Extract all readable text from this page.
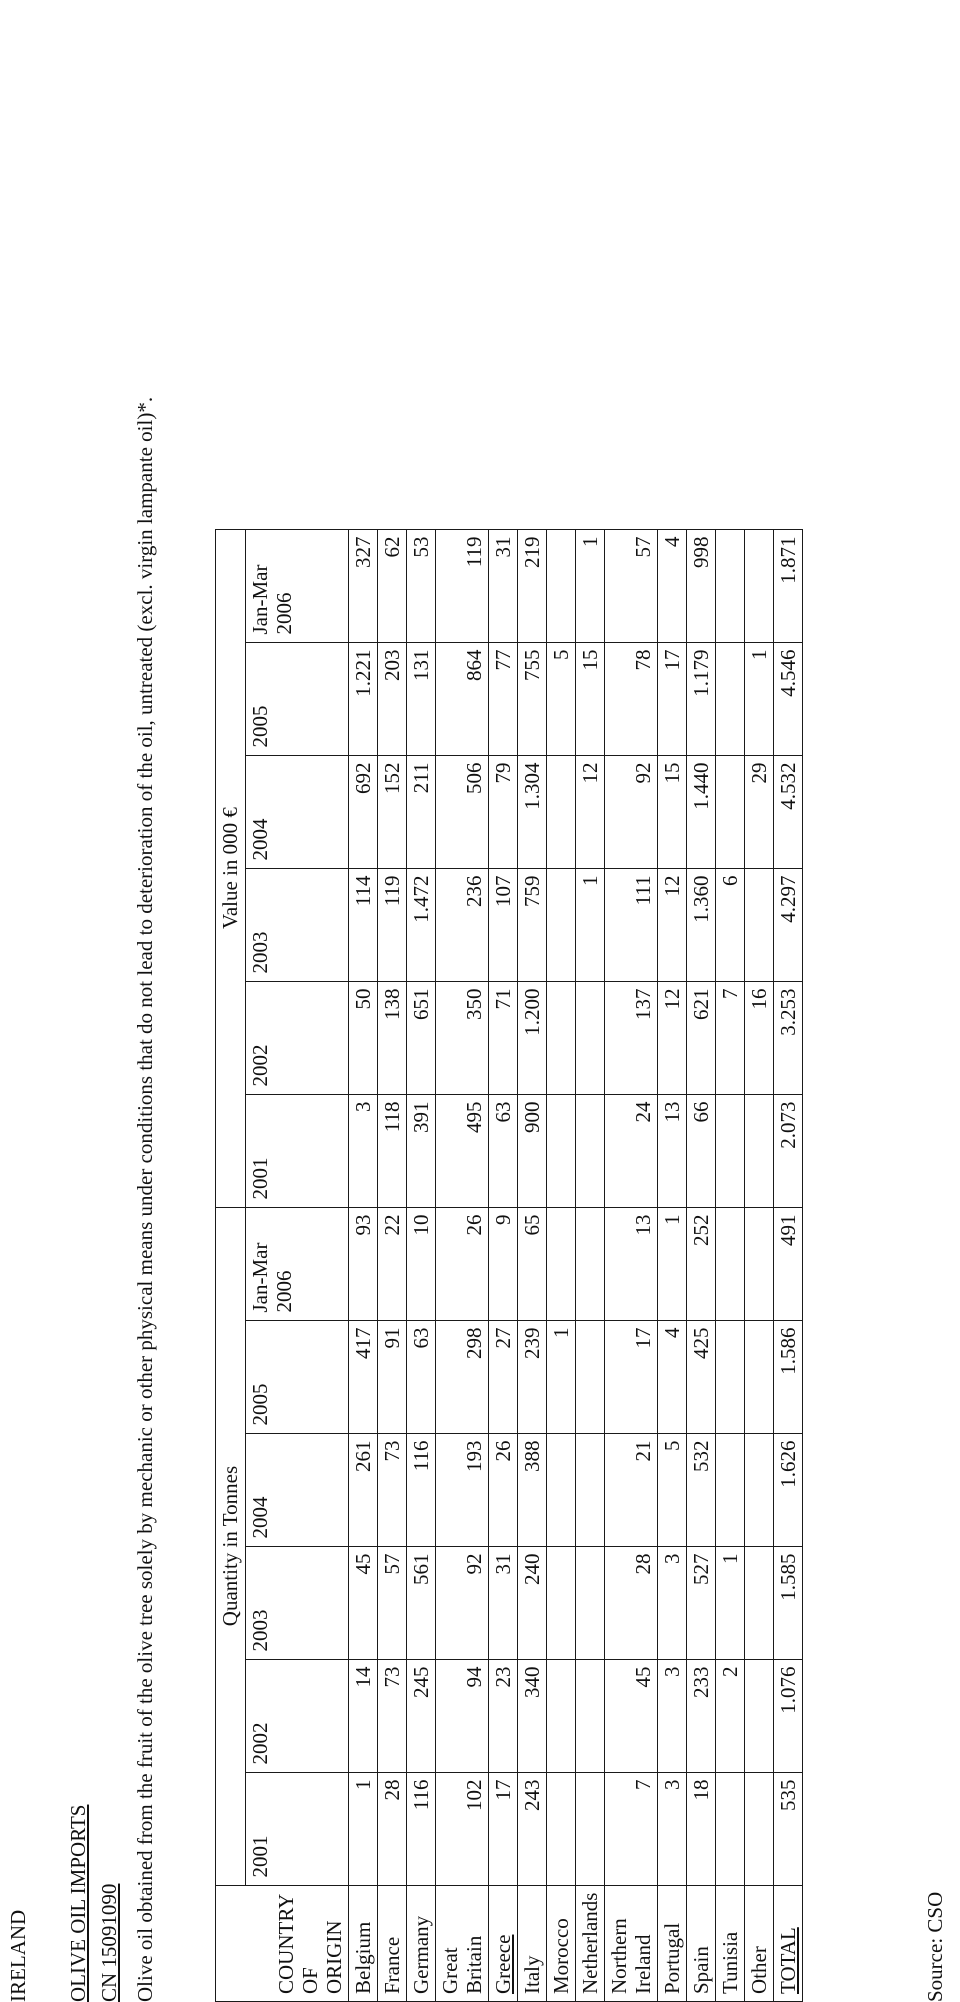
IRELAND OLIVE OIL IMPORTS CN 15091090 Olive oil obtained from the fruit of the olive tree solely by mechanic or other physical means under conditions that do not lead to deterioration of the oil, untreated (excl. virgin lampante oil)*.	COUNTRY OF ORIGIN	Quantity in Tonnes						Value in 000 €					
	2001	2002	2003	2004	2005	Jan-Mar 2006	2001	2002	2003	2004	2005	Jan-Mar 2006
Belgium	1	14	45	261	417	93	3	50	114	692	1.221	327
France	28	73	57	73	91	22	118	138	119	152	203	62
Germany	116	245	561	116	63	10	391	651	1.472	211	131	53
Great Britain	102	94	92	193	298	26	495	350	236	506	864	119
Greece	17	23	31	26	27	9	63	71	107	79	77	31
Italy	243	340	240	388	239	65	900	1.200	759	1.304	755	219
Morocco					1						5	
Netherlands									1	12	15	1
Northern Ireland	7	45	28	21	17	13	24	137	111	92	78	57
Portugal	3	3	3	5	4	1	13	12	12	15	17	4
Spain	18	233	527	532	425	252	66	621	1.360	1.440	1.179	998
Tunisia		2	1					7	6			
Other								16		29	1	
TOTAL	535	1.076	1.585	1.626	1.586	491	2.073	3.253	4.297	4.532	4.546	1.871
Source: CSO
